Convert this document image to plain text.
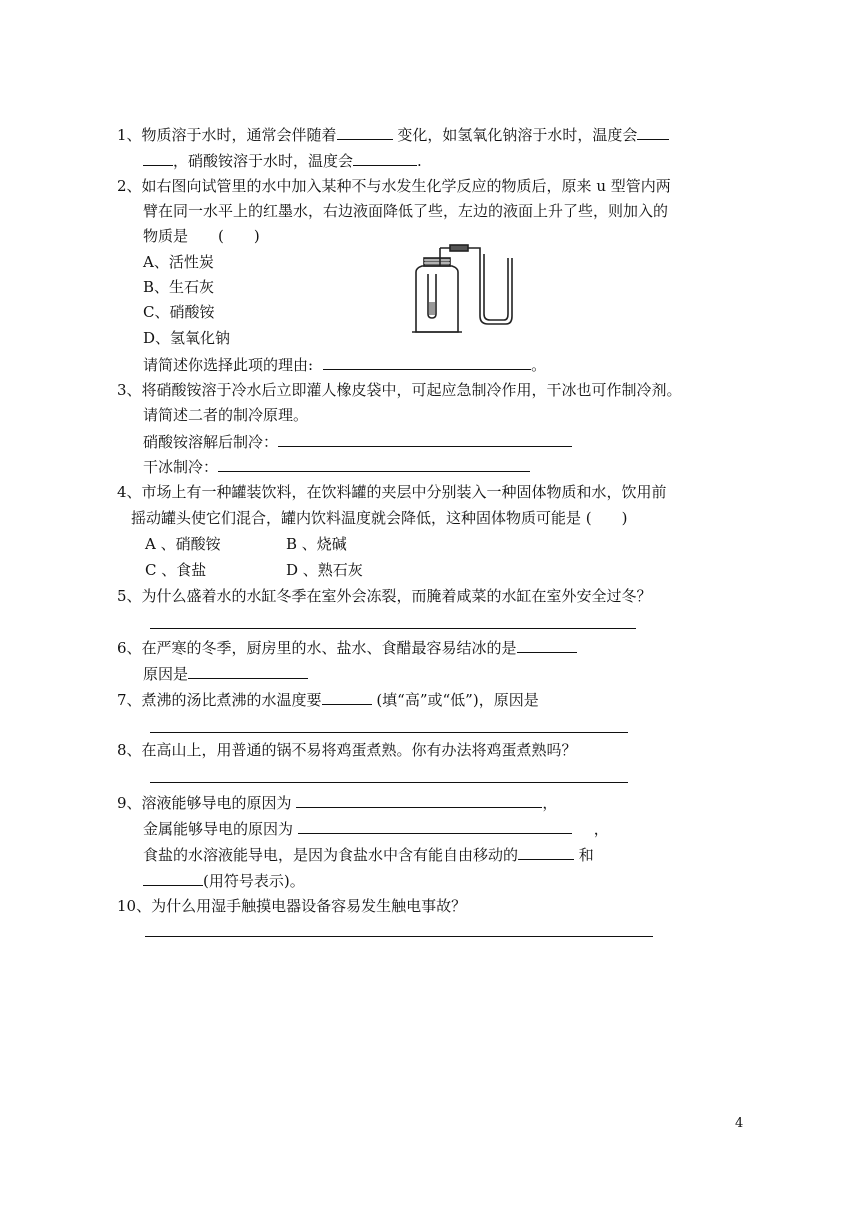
1、物质溶于水时，通常会伴随着	变化，如氢氧化钠溶于水时，温度会
，硝酸铵溶于水时，温度会	.
2、如右图向试管里的水中加入某种不与水发生化学反应的物质后，原来 u 型管内两
臂在同一水平上的红墨水，右边液面降低了些，左边的液面上升了些，则加入的
物质是　　(　　)
A、活性炭
B、生石灰
C、硝酸铵
D、氢氧化钠
请简述你选择此项的理由:	。
3、将硝酸铵溶于冷水后立即灌人橡皮袋中，可起应急制冷作用，干冰也可作制冷剂。
请简述二者的制冷原理。
硝酸铵溶解后制冷：
干冰制冷：
4、市场上有一种罐装饮料，在饮料罐的夹层中分别装入一种固体物质和水，饮用前
摇动罐头使它们混合，罐内饮料温度就会降低，这种固体物质可能是 (　　)
A 、硝酸铵	B 、烧碱
C 、食盐	D 、熟石灰
5、为什么盛着水的水缸冬季在室外会冻裂，而腌着咸菜的水缸在室外安全过冬？
6、在严寒的冬季，厨房里的水、盐水、食醋最容易结冰的是
原因是
7、煮沸的汤比煮沸的水温度要	(填“高”或“低”)，原因是
8、在高山上，用普通的锅不易将鸡蛋煮熟。你有办法将鸡蛋煮熟吗？
9、溶液能够导电的原因为	，
金属能够导电的原因为	，
食盐的水溶液能导电，是因为食盐水中含有能自由移动的	和
(用符号表示)。
10、为什么用湿手触摸电器设备容易发生触电事故？
4
